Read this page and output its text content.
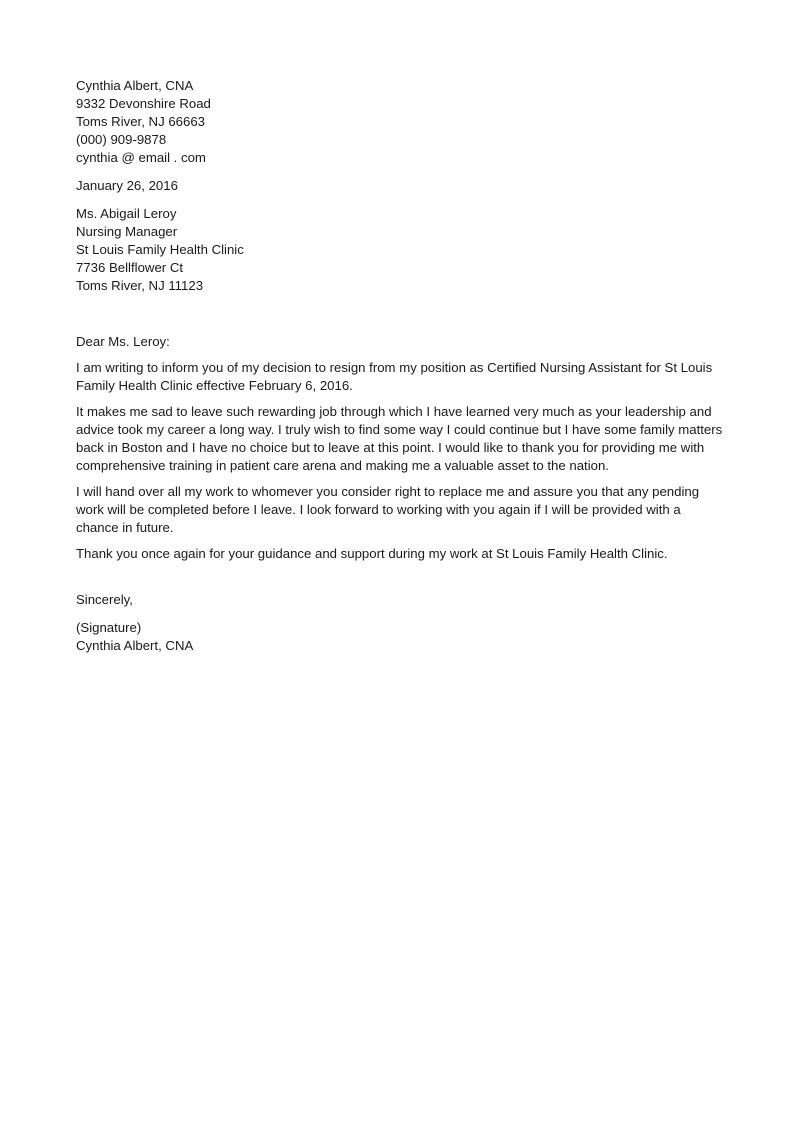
Cynthia Albert, CNA
9332 Devonshire Road
Toms River, NJ 66663
(000) 909-9878
cynthia @ email . com
January 26, 2016
Ms. Abigail Leroy
Nursing Manager
St Louis Family Health Clinic
7736 Bellflower Ct
Toms River, NJ 11123
Dear Ms. Leroy:

I am writing to inform you of my decision to resign from my position as Certified Nursing Assistant for St Louis Family Health Clinic effective February 6, 2016.

It makes me sad to leave such rewarding job through which I have learned very much as your leadership and advice took my career a long way. I truly wish to find some way I could continue but I have some family matters back in Boston and I have no choice but to leave at this point. I would like to thank you for providing me with comprehensive training in patient care arena and making me a valuable asset to the nation.

I will hand over all my work to whomever you consider right to replace me and assure you that any pending work will be completed before I leave. I look forward to working with you again if I will be provided with a chance in future.

Thank you once again for your guidance and support during my work at St Louis Family Health Clinic.

Sincerely,
(Signature)
Cynthia Albert, CNA
